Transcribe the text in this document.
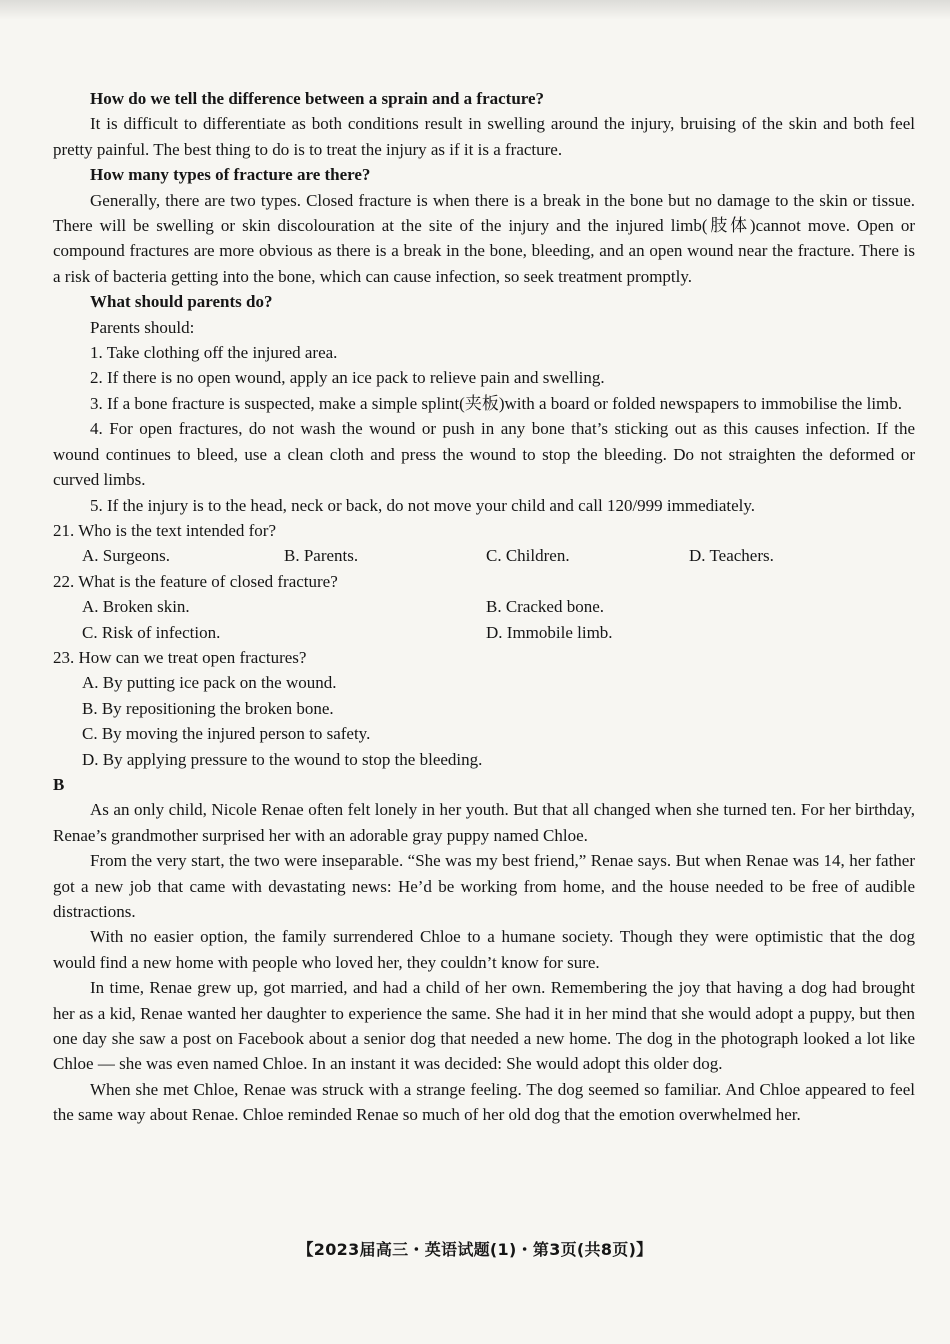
How do we tell the difference between a sprain and a fracture?

It is difficult to differentiate as both conditions result in swelling around the injury, bruising of the skin and both feel pretty painful. The best thing to do is to treat the injury as if it is a fracture.

How many types of fracture are there?

Generally, there are two types. Closed fracture is when there is a break in the bone but no damage to the skin or tissue. There will be swelling or skin discolouration at the site of the injury and the injured limb(肢体)cannot move. Open or compound fractures are more obvious as there is a break in the bone, bleeding, and an open wound near the fracture. There is a risk of bacteria getting into the bone, which can cause infection, so seek treatment promptly.

What should parents do?

Parents should:

1. Take clothing off the injured area.

2. If there is no open wound, apply an ice pack to relieve pain and swelling.

3. If a bone fracture is suspected, make a simple splint(夹板)with a board or folded newspapers to immobilise the limb.

4. For open fractures, do not wash the wound or push in any bone that’s sticking out as this causes infection. If the wound continues to bleed, use a clean cloth and press the wound to stop the bleeding. Do not straighten the deformed or curved limbs.

5. If the injury is to the head, neck or back, do not move your child and call 120/999 immediately.

21. Who is the text intended for?

A. Surgeons.	B. Parents.	C. Children.	D. Teachers.

22. What is the feature of closed fracture?

A. Broken skin.	B. Cracked bone.
C. Risk of infection.	D. Immobile limb.

23. How can we treat open fractures?

A. By putting ice pack on the wound.

B. By repositioning the broken bone.

C. By moving the injured person to safety.

D. By applying pressure to the wound to stop the bleeding.

B

As an only child, Nicole Renae often felt lonely in her youth. But that all changed when she turned ten. For her birthday, Renae’s grandmother surprised her with an adorable gray puppy named Chloe.

From the very start, the two were inseparable. “She was my best friend,” Renae says. But when Renae was 14, her father got a new job that came with devastating news: He’d be working from home, and the house needed to be free of audible distractions.

With no easier option, the family surrendered Chloe to a humane society. Though they were optimistic that the dog would find a new home with people who loved her, they couldn’t know for sure.

In time, Renae grew up, got married, and had a child of her own. Remembering the joy that having a dog had brought her as a kid, Renae wanted her daughter to experience the same. She had it in her mind that she would adopt a puppy, but then one day she saw a post on Facebook about a senior dog that needed a new home. The dog in the photograph looked a lot like Chloe — she was even named Chloe. In an instant it was decided: She would adopt this older dog.

When she met Chloe, Renae was struck with a strange feeling. The dog seemed so familiar. And Chloe appeared to feel the same way about Renae. Chloe reminded Renae so much of her old dog that the emotion overwhelmed her.

【2023届高三・英语试题(1)・第3页(共8页)】
